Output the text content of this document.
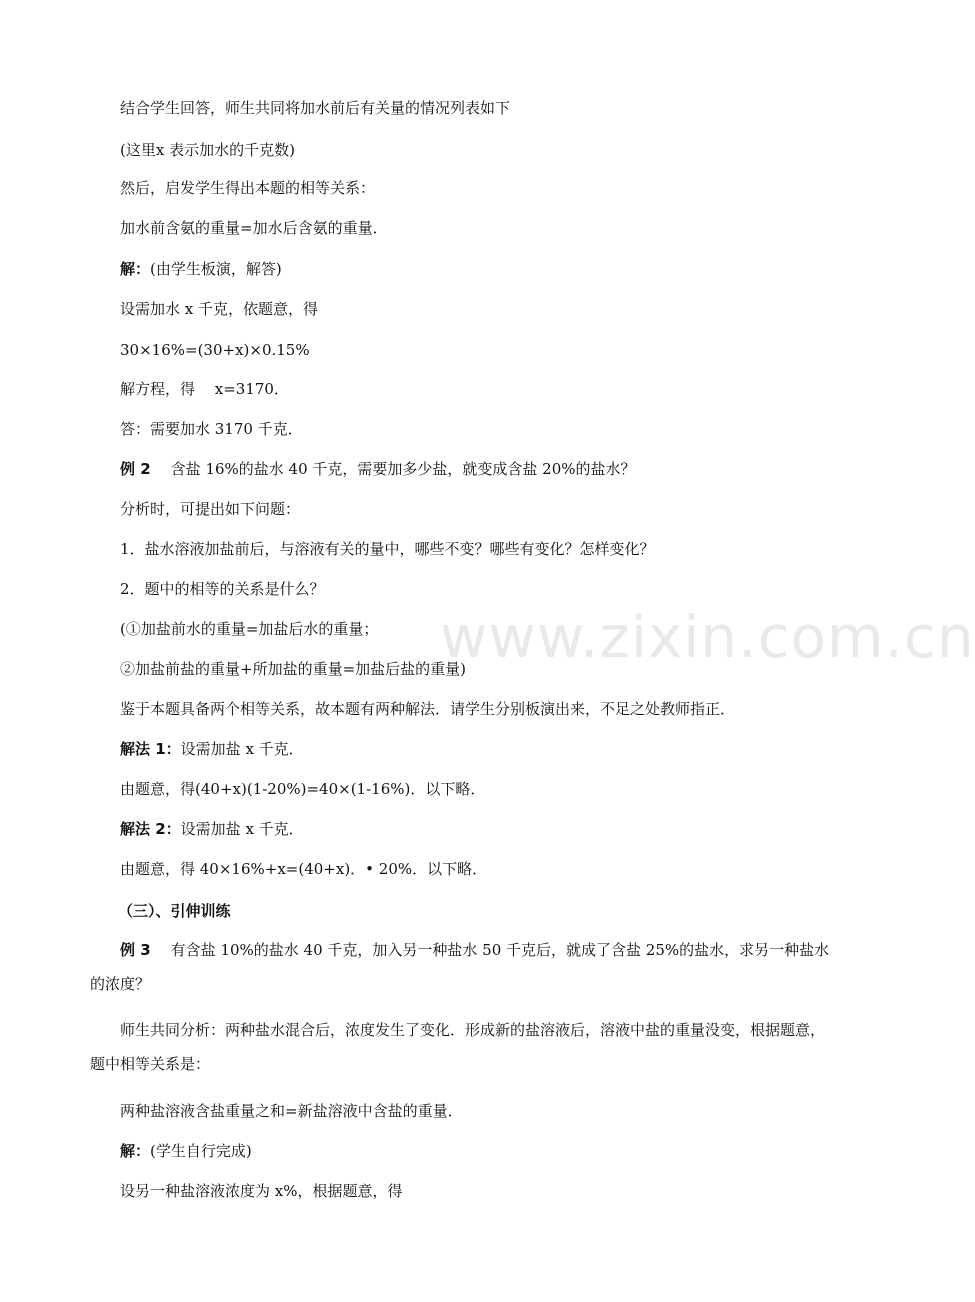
www.zixin.com.cn
结合学生回答，师生共同将加水前后有关量的情况列表如下
(这里x 表示加水的千克数)
然后，启发学生得出本题的相等关系：
加水前含氨的重量=加水后含氨的重量．
解：(由学生板演，解答)
设需加水 x 千克，依题意，得
30×16%=(30+x)×0.15%
解方程，得　 x=3170．
答：需要加水 3170 千克．
例 2 含盐 16%的盐水 40 千克，需要加多少盐，就变成含盐 20%的盐水？
分析时，可提出如下问题：
1．盐水溶液加盐前后，与溶液有关的量中，哪些不变？哪些有变化？怎样变化？
2．题中的相等的关系是什么？
(①加盐前水的重量=加盐后水的重量；
②加盐前盐的重量+所加盐的重量=加盐后盐的重量)
鉴于本题具备两个相等关系，故本题有两种解法．请学生分别板演出来，不足之处教师指正．
解法 1：设需加盐 x 千克．
由题意，得(40+x)(1-20%)=40×(1-16%)．以下略．
解法 2：设需加盐 x 千克．
由题意，得 40×16%+x=(40+x)．• 20%．以下略．
（三）、引伸训练
例 3 有含盐 10%的盐水 40 千克，加入另一种盐水 50 千克后，就成了含盐 25%的盐水，求另一种盐水的浓度？
师生共同分析：两种盐水混合后，浓度发生了变化．形成新的盐溶液后，溶液中盐的重量没变，根据题意，题中相等关系是：
两种盐溶液含盐重量之和=新盐溶液中含盐的重量．
解：(学生自行完成)
设另一种盐溶液浓度为 x%，根据题意，得
